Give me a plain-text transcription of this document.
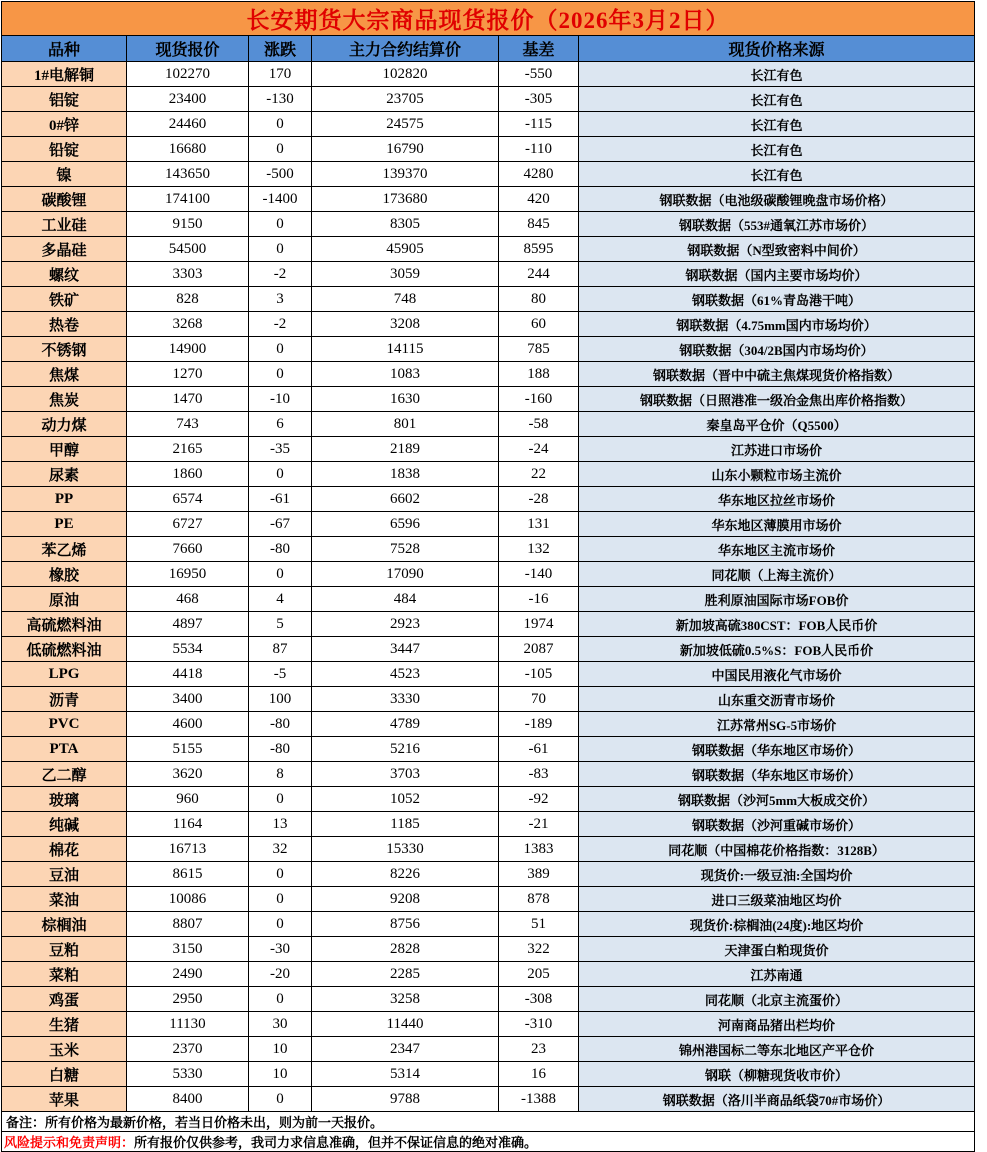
长安期货大宗商品现货报价（2026年3月2日）					
品种	现货报价	涨跌	主力合约结算价	基差	现货价格来源
1#电解铜	102270	170	102820	-550	长江有色
铝锭	23400	-130	23705	-305	长江有色
0#锌	24460	0	24575	-115	长江有色
铅锭	16680	0	16790	-110	长江有色
镍	143650	-500	139370	4280	长江有色
碳酸锂	174100	-1400	173680	420	钢联数据（电池级碳酸锂晚盘市场价格）
工业硅	9150	0	8305	845	钢联数据（553#通氧江苏市场价）
多晶硅	54500	0	45905	8595	钢联数据（N型致密料中间价）
螺纹	3303	-2	3059	244	钢联数据（国内主要市场均价）
铁矿	828	3	748	80	钢联数据（61%青岛港干吨）
热卷	3268	-2	3208	60	钢联数据（4.75mm国内市场均价）
不锈钢	14900	0	14115	785	钢联数据（304/2B国内市场均价）
焦煤	1270	0	1083	188	钢联数据（晋中中硫主焦煤现货价格指数）
焦炭	1470	-10	1630	-160	钢联数据（日照港准一级冶金焦出库价格指数）
动力煤	743	6	801	-58	秦皇岛平仓价（Q5500）
甲醇	2165	-35	2189	-24	江苏进口市场价
尿素	1860	0	1838	22	山东小颗粒市场主流价
PP	6574	-61	6602	-28	华东地区拉丝市场价
PE	6727	-67	6596	131	华东地区薄膜用市场价
苯乙烯	7660	-80	7528	132	华东地区主流市场价
橡胶	16950	0	17090	-140	同花顺（上海主流价）
原油	468	4	484	-16	胜利原油国际市场FOB价
高硫燃料油	4897	5	2923	1974	新加坡高硫380CST：FOB人民币价
低硫燃料油	5534	87	3447	2087	新加坡低硫0.5%S：FOB人民币价
LPG	4418	-5	4523	-105	中国民用液化气市场价
沥青	3400	100	3330	70	山东重交沥青市场价
PVC	4600	-80	4789	-189	江苏常州SG-5市场价
PTA	5155	-80	5216	-61	钢联数据（华东地区市场价）
乙二醇	3620	8	3703	-83	钢联数据（华东地区市场价）
玻璃	960	0	1052	-92	钢联数据（沙河5mm大板成交价）
纯碱	1164	13	1185	-21	钢联数据（沙河重碱市场价）
棉花	16713	32	15330	1383	同花顺（中国棉花价格指数：3128B）
豆油	8615	0	8226	389	现货价:一级豆油:全国均价
菜油	10086	0	9208	878	进口三级菜油地区均价
棕榈油	8807	0	8756	51	现货价:棕榈油(24度):地区均价
豆粕	3150	-30	2828	322	天津蛋白粕现货价
菜粕	2490	-20	2285	205	江苏南通
鸡蛋	2950	0	3258	-308	同花顺（北京主流蛋价）
生猪	11130	30	11440	-310	河南商品猪出栏均价
玉米	2370	10	2347	23	锦州港国标二等东北地区产平仓价
白糖	5330	10	5314	16	钢联（柳糖现货收市价）
苹果	8400	0	9788	-1388	钢联数据（洛川半商品纸袋70#市场价）
备注：所有价格为最新价格，若当日价格未出，则为前一天报价。					
风险提示和免责声明：所有报价仅供参考，我司力求信息准确，但并不保证信息的绝对准确。					
